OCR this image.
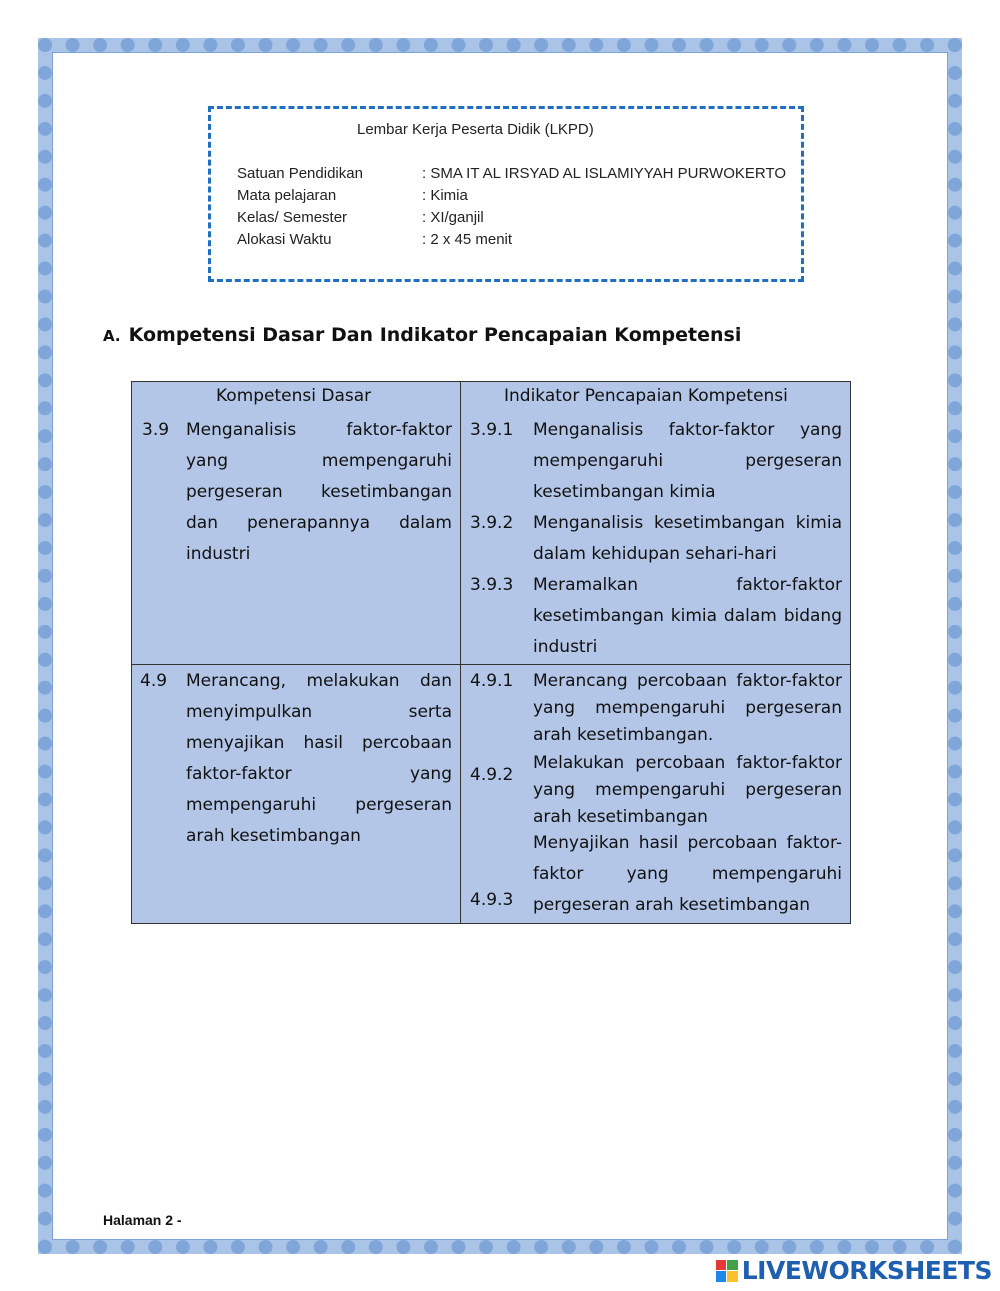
Lembar Kerja Peserta Didik (LKPD)
Satuan Pendidikan	: SMA IT AL IRSYAD AL ISLAMIYYAH PURWOKERTO
Mata pelajaran	: Kimia
Kelas/ Semester	: XI/ganjil
Alokasi Waktu	: 2 x 45 menit
A. Kompetensi Dasar Dan Indikator Pencapaian Kompetensi
Kompetensi Dasar	Indikator Pencapaian Kompetensi
3.9 Menganalisis faktor-faktor yang mempengaruhi pergeseran kesetimbangan dan penerapannya dalam industri
3.9.1 Menganalisis faktor-faktor yang mempengaruhi pergeseran kesetimbangan kimia
3.9.2 Menganalisis kesetimbangan kimia dalam kehidupan sehari-hari
3.9.3 Meramalkan faktor-faktor kesetimbangan kimia dalam bidang industri
4.9 Merancang, melakukan dan menyimpulkan serta menyajikan hasil percobaan faktor-faktor yang mempengaruhi pergeseran arah kesetimbangan
4.9.1 Merancang percobaan faktor-faktor yang mempengaruhi pergeseran arah kesetimbangan.
4.9.2
Melakukan percobaan faktor-faktor yang mempengaruhi pergeseran arah kesetimbangan
4.9.3
Menyajikan hasil percobaan faktor-faktor yang mempengaruhi pergeseran arah kesetimbangan
Halaman 2 -
LIVEWORKSHEETS
